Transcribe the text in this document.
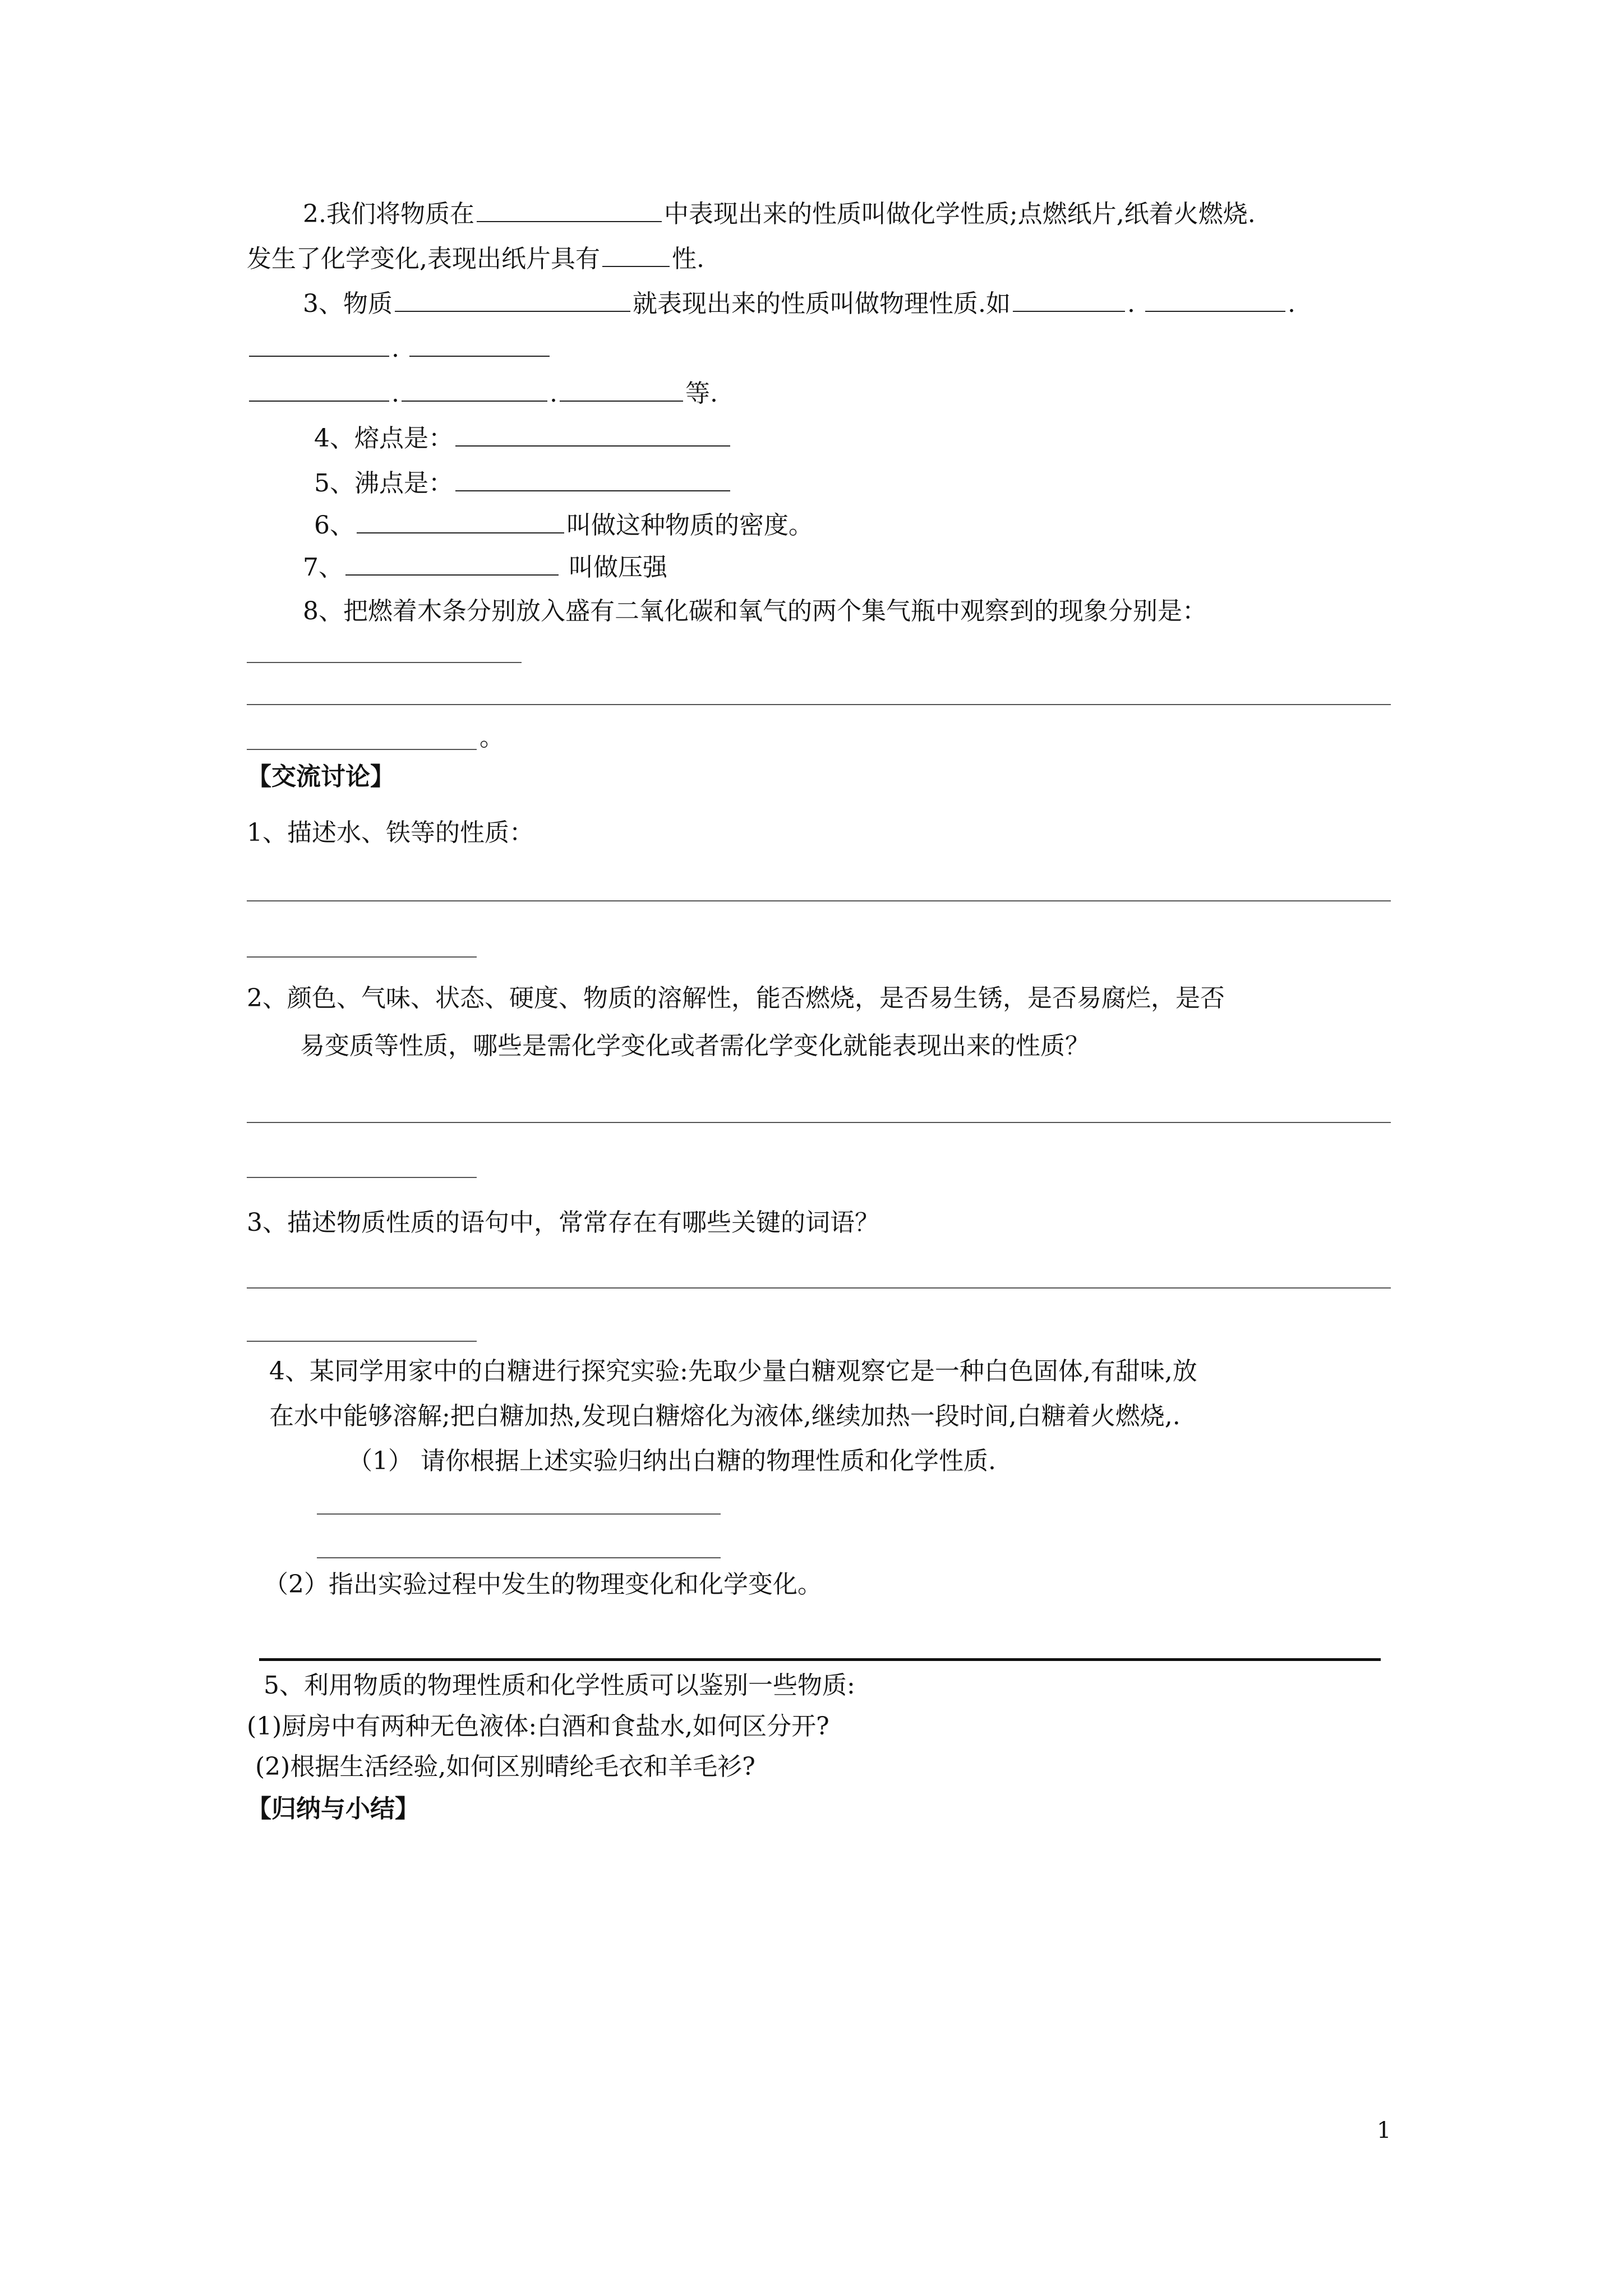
2.我们将物质在	中表现出来的性质叫做化学性质;点燃纸片,纸着火燃烧.
发生了化学变化,表现出纸片具有	性.
3、物质	就表现出来的性质叫做物理性质.如	.	.
.
.	.	等.
4、熔点是：
5、沸点是：
6、	叫做这种物质的密度。
7、	叫做压强
8、把燃着木条分别放入盛有二氧化碳和氧气的两个集气瓶中观察到的现象分别是：
。
【交流讨论】
1、描述水、铁等的性质：
2、颜色、气味、状态、硬度、物质的溶解性，能否燃烧，是否易生锈，是否易腐烂，是否
易变质等性质，哪些是需化学变化或者需化学变化就能表现出来的性质？
3、描述物质性质的语句中，常常存在有哪些关键的词语？
4、某同学用家中的白糖进行探究实验:先取少量白糖观察它是一种白色固体,有甜味,放
在水中能够溶解;把白糖加热,发现白糖熔化为液体,继续加热一段时间,白糖着火燃烧,.
（1） 请你根据上述实验归纳出白糖的物理性质和化学性质.
（2）指出实验过程中发生的物理变化和化学变化。
5、利用物质的物理性质和化学性质可以鉴别一些物质:
(1)厨房中有两种无色液体:白酒和食盐水,如何区分开?
(2)根据生活经验,如何区别晴纶毛衣和羊毛衫?
【归纳与小结】
1
